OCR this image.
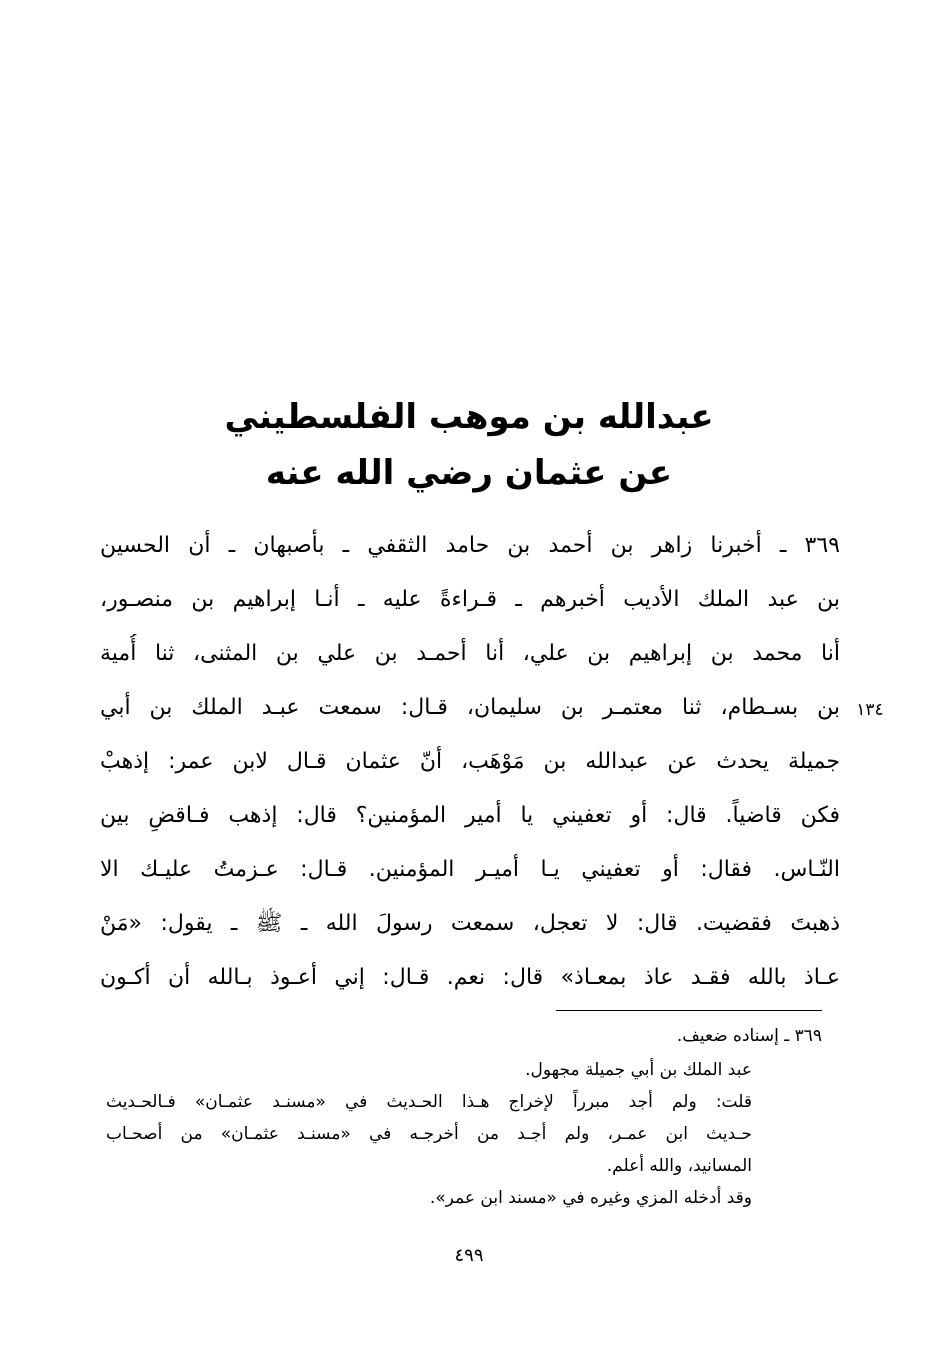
عبدالله بن موهب الفلسطيني
عن عثمان رضي الله عنه
٣٦٩ ـ أخبرنا زاهر بن أحمد بن حامد الثقفي ـ بأصبهان ـ أن الحسين
بن عبد الملك الأديب أخبرهم ـ قـراءةً عليه ـ أنـا إبراهيم بن منصـور،
أنا محمد بن إبراهيم بن علي، أنا أحمـد بن علي بن المثنى، ثنا أُمية
بن بسـطام، ثنا معتمـر بن سليمان، قـال: سمعت عبـد الملك بن أبي
جميلة يحدث عن عبدالله بن مَوْهَب، أنّ عثمان قـال لابن عمر: إذهبْ
فكن قاضياً. قال: أو تعفيني يا أمير المؤمنين؟ قال: إذهب فـاقضِ بين
النّـاس. فقال: أو تعفيني يـا أميـر المؤمنين. قـال: عـزمتُ عليـك الا
ذهبتَ فقضيت. قال: لا تعجل، سمعت رسولَ الله ـ ﷺ ـ يقول: «مَنْ
عـاذ بالله فقـد عاذ بمعـاذ» قال: نعم. قـال: إني أعـوذ بـالله أن أكـون
١٣٤
٣٦٩ ـ إسناده ضعيف.
عبد الملك بن أبي جميلة مجهول.
قلت: ولم أجد مبرراً لإخراج هـذا الحـديث في «مسنـد عثمـان» فـالحـديث
حـديث ابن عمـر، ولم أجـد من أخرجـه في «مسنـد عثمـان» من أصحـاب
المسانيد، والله أعلم.
وقد أدخله المزي وغيره في «مسند ابن عمر».
٤٩٩
